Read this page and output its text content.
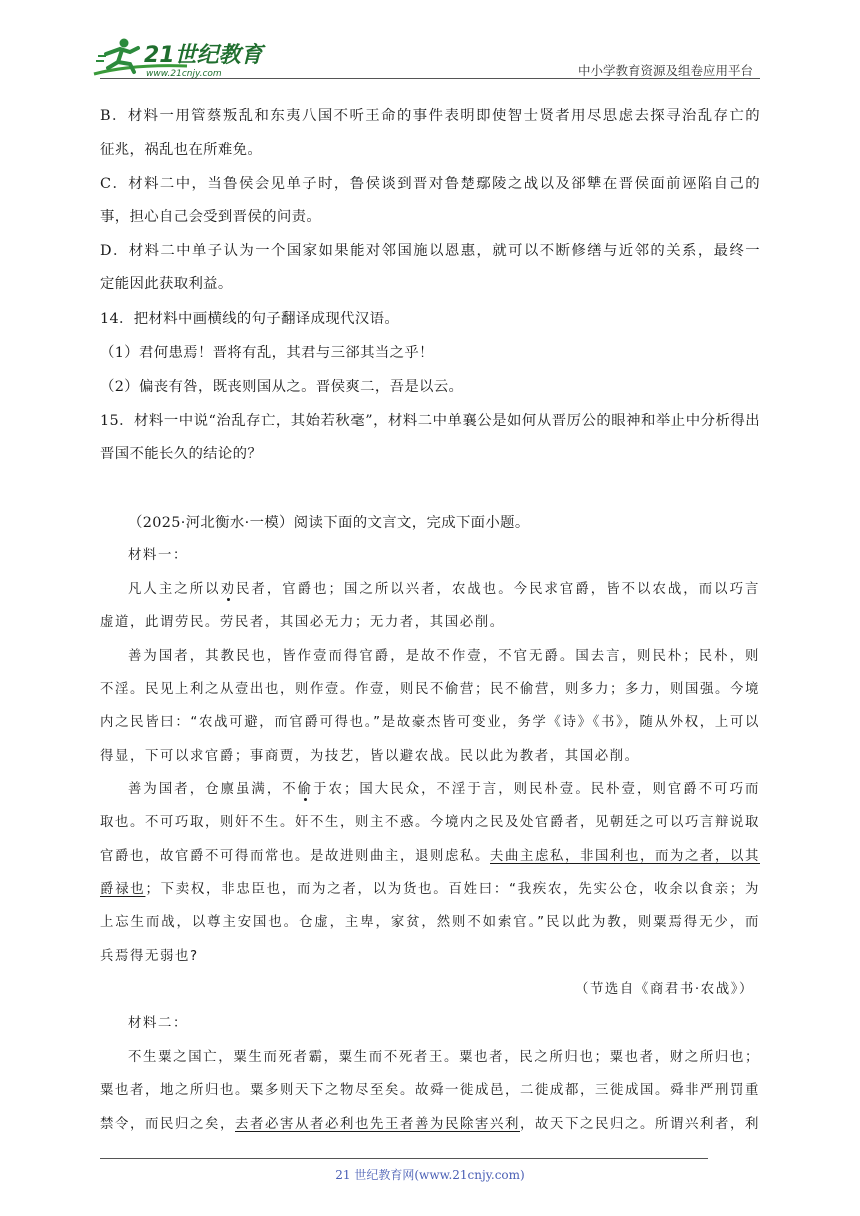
21世纪教育
www.21cnjy.com	中小学教育资源及组卷应用平台
B．材料一用管蔡叛乱和东夷八国不听王命的事件表明即使智士贤者用尽思虑去探寻治乱存亡的
征兆，祸乱也在所难免。
C．材料二中，当鲁侯会见单子时，鲁侯谈到晋对鲁楚鄢陵之战以及郤犨在晋侯面前诬陷自己的
事，担心自己会受到晋侯的问责。
D．材料二中单子认为一个国家如果能对邻国施以恩惠，就可以不断修缮与近邻的关系，最终一
定能因此获取利益。
14．把材料中画横线的句子翻译成现代汉语。
（1）君何患焉！晋将有乱，其君与三郤其当之乎！
（2）偏丧有咎，既丧则国从之。晋侯爽二，吾是以云。
15．材料一中说“治乱存亡，其始若秋毫”，材料二中单襄公是如何从晋厉公的眼神和举止中分析得出
晋国不能长久的结论的？
（2025·河北衡水·一模）阅读下面的文言文，完成下面小题。
材料一：
凡人主之所以劝民者，官爵也；国之所以兴者，农战也。今民求官爵，皆不以农战，而以巧言
虚道，此谓劳民。劳民者，其国必无力；无力者，其国必削。
善为国者，其教民也，皆作壹而得官爵，是故不作壹，不官无爵。国去言，则民朴；民朴，则
不淫。民见上利之从壹出也，则作壹。作壹，则民不偷营；民不偷营，则多力；多力，则国强。今境
内之民皆曰：“农战可避，而官爵可得也。”是故豪杰皆可变业，务学《诗》《书》，随从外权，上可以
得显，下可以求官爵；事商贾，为技艺，皆以避农战。民以此为教者，其国必削。
善为国者，仓廪虽满，不偷于农；国大民众，不淫于言，则民朴壹。民朴壹，则官爵不可巧而
取也。不可巧取，则奸不生。奸不生，则主不惑。今境内之民及处官爵者，见朝廷之可以巧言辩说取
官爵也，故官爵不可得而常也。是故进则曲主，退则虑私。夫曲主虑私，非国利也，而为之者，以其
爵禄也；下卖权，非忠臣也，而为之者，以为货也。百姓曰：“我疾农，先实公仓，收余以食亲；为
上忘生而战，以尊主安国也。仓虚，主卑，家贫，然则不如索官。”民以此为教，则粟焉得无少，而
兵焉得无弱也?
（节选自《商君书·农战》）
材料二：
不生粟之国亡，粟生而死者霸，粟生而不死者王。粟也者，民之所归也；粟也者，财之所归也；
粟也者，地之所归也。粟多则天下之物尽至矣。故舜一徙成邑，二徙成都，三徙成国。舜非严刑罚重
禁令，而民归之矣，去者必害从者必利也先王者善为民除害兴利，故天下之民归之。所谓兴利者，利
21 世纪教育网(www.21cnjy.com)
